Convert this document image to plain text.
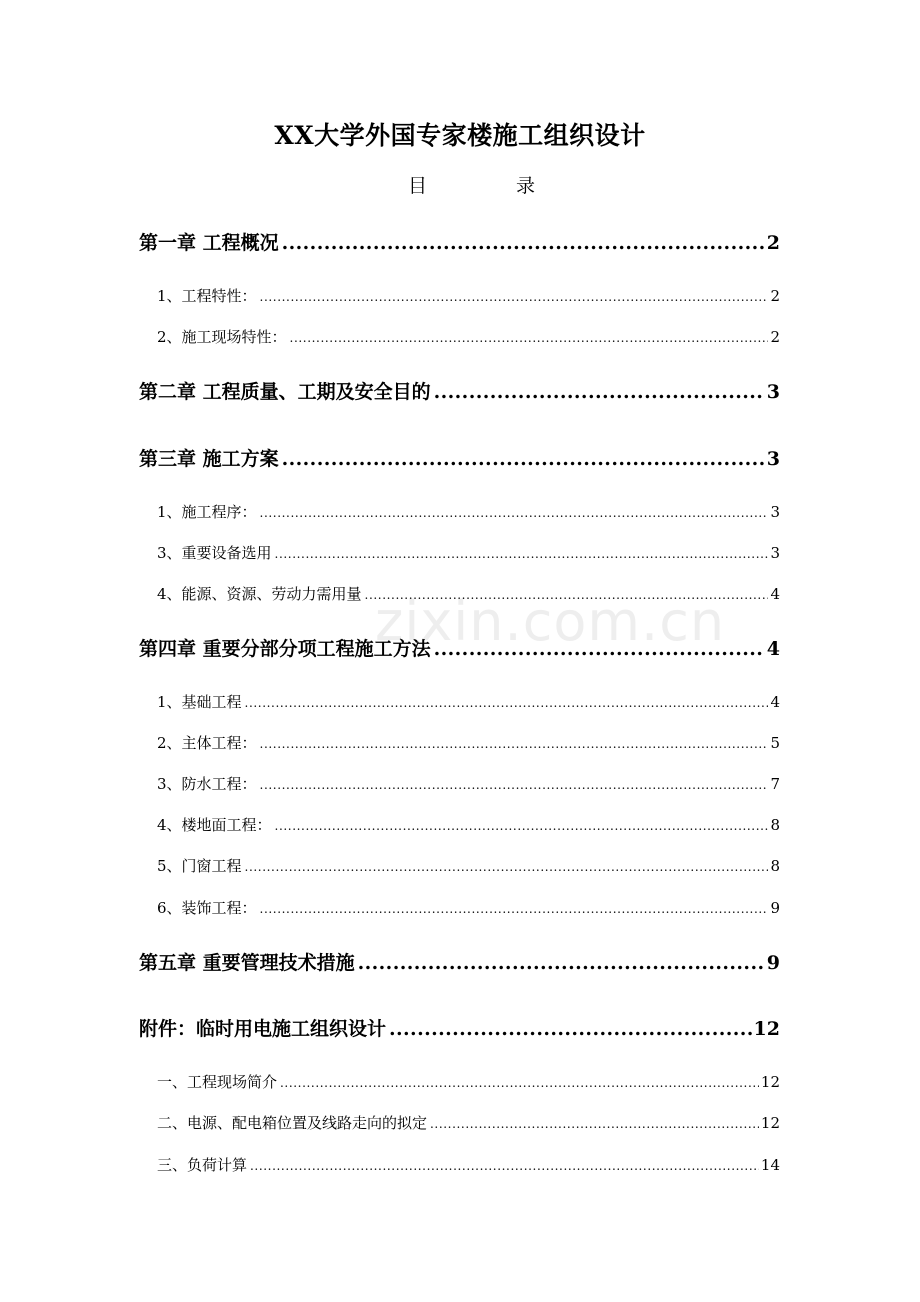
XX大学外国专家楼施工组织设计
目	录
第一章 工程概况 .....	2
1、工程特性： .....	2
2、施工现场特性： .....	2
第二章 工程质量、工期及安全目的 .....	3
第三章 施工方案 .....	3
1、施工程序： .....	3
3、重要设备选用 .....	3
4、能源、资源、劳动力需用量 .....	4
第四章 重要分部分项工程施工方法 .....	4
1、基础工程 .....	4
2、主体工程： .....	5
3、防水工程： .....	7
4、楼地面工程： .....	8
5、门窗工程 .....	8
6、装饰工程： .....	9
第五章 重要管理技术措施 .....	9
附件：临时用电施工组织设计 .....	12
一、工程现场简介 .....	12
二、电源、配电箱位置及线路走向的拟定 .....	12
三、负荷计算 .....	14
zixin.com.cn
